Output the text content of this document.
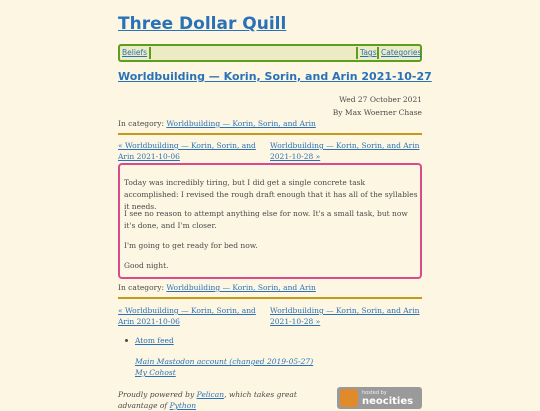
Three Dollar Quill
Beliefs	Tags Categories
Worldbuilding — Korin, Sorin, and Arin 2021-10-27
Wed 27 October 2021
By Max Woerner Chase
In category: Worldbuilding — Korin, Sorin, and Arin
« Worldbuilding — Korin, Sorin, and Arin 2021-10-06
Worldbuilding — Korin, Sorin, and Arin 2021-10-28 »

Today was incredibly tiring, but I did get a single concrete task accomplished: I revised the rough draft enough that it has all of the syllables it needs.

I see no reason to attempt anything else for now. It's a small task, but now it's done, and I'm closer.

I'm going to get ready for bed now.

Good night.

In category: Worldbuilding — Korin, Sorin, and Arin
« Worldbuilding — Korin, Sorin, and Arin 2021-10-06
Worldbuilding — Korin, Sorin, and Arin 2021-10-28 »
Atom feed
Main Mastodon account (changed 2019-05-27)
My Cohost
Proudly powered by Pelican, which takes great advantage of Python
hosted by
neocities
